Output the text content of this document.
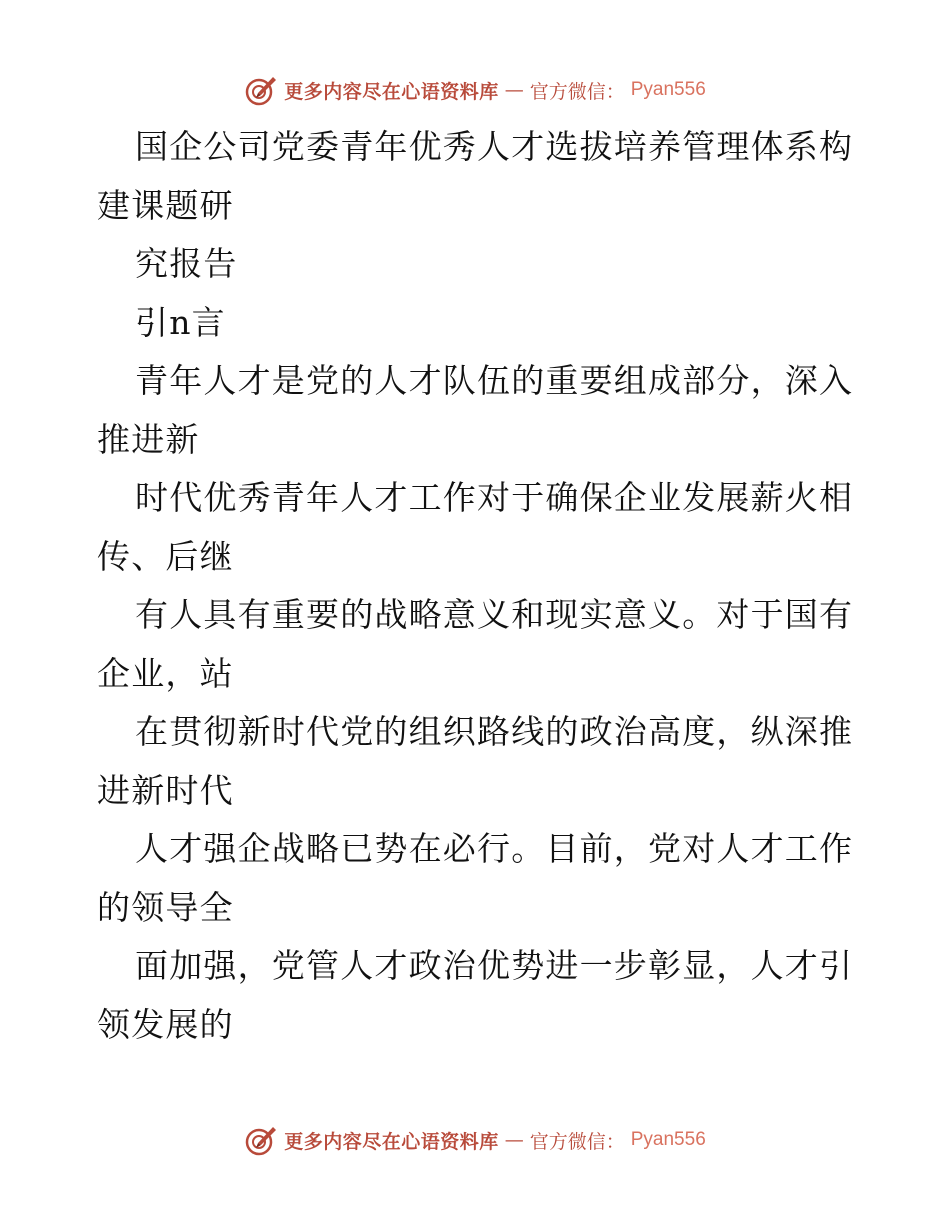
更多内容尽在心语资料库 — 官方微信： Pyan556
国企公司党委青年优秀人才选拔培养管理体系构
建课题研
究报告
引n言
青年人才是党的人才队伍的重要组成部分，深入
推进新
时代优秀青年人才工作对于确保企业发展薪火相
传、后继
有人具有重要的战略意义和现实意义。对于国有
企业，站
在贯彻新时代党的组织路线的政治高度，纵深推
进新时代
人才强企战略已势在必行。目前，党对人才工作
的领导全
面加强，党管人才政治优势进一步彰显，人才引
领发展的
更多内容尽在心语资料库 — 官方微信： Pyan556
